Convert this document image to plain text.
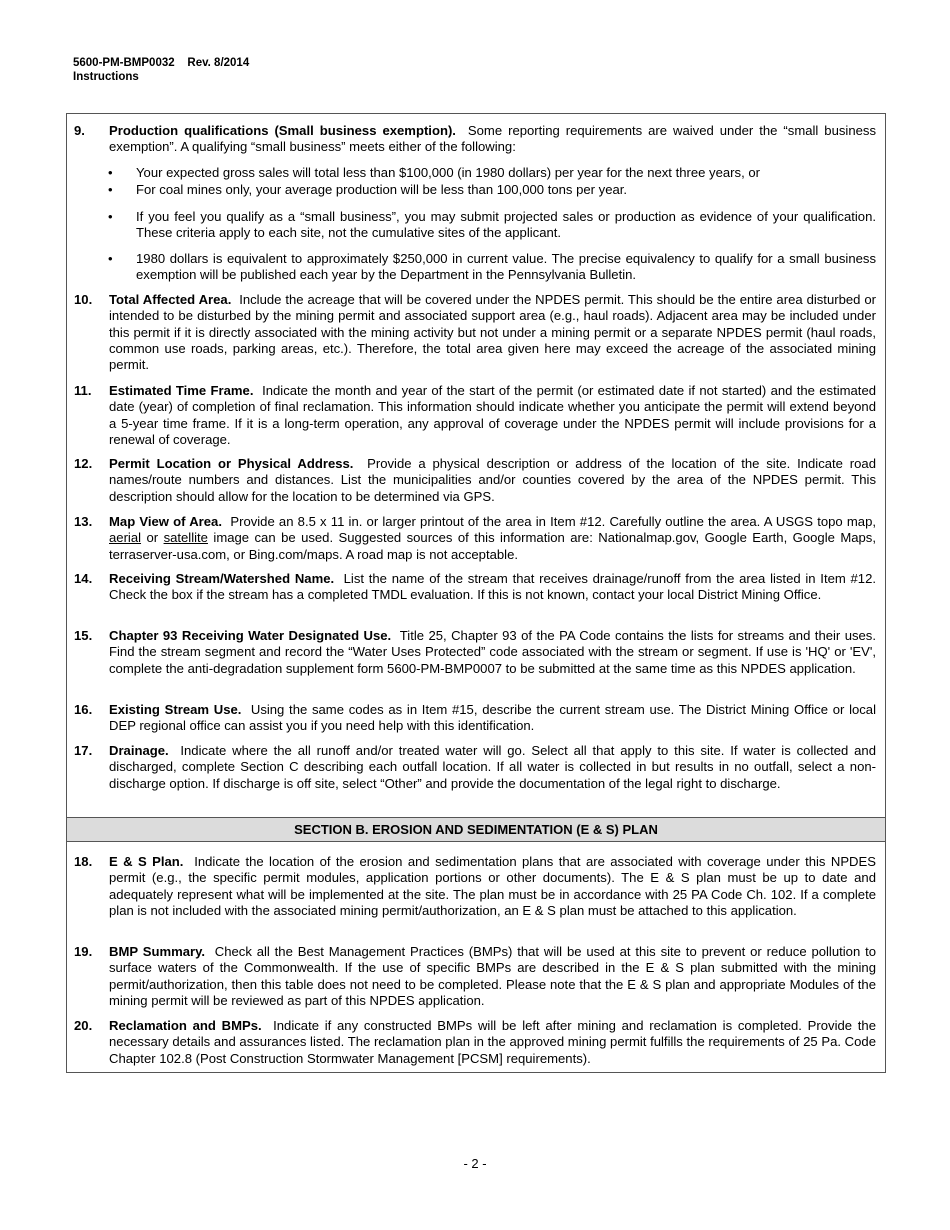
5600-PM-BMP0032 Rev. 8/2014
Instructions
9. Production qualifications (Small business exemption). Some reporting requirements are waived under the “small business exemption”. A qualifying “small business” meets either of the following:
• Your expected gross sales will total less than $100,000 (in 1980 dollars) per year for the next three years, or
• For coal mines only, your average production will be less than 100,000 tons per year.
• If you feel you qualify as a “small business”, you may submit projected sales or production as evidence of your qualification. These criteria apply to each site, not the cumulative sites of the applicant.
• 1980 dollars is equivalent to approximately $250,000 in current value. The precise equivalency to qualify for a small business exemption will be published each year by the Department in the Pennsylvania Bulletin.
10. Total Affected Area. Include the acreage that will be covered under the NPDES permit. This should be the entire area disturbed or intended to be disturbed by the mining permit and associated support area (e.g., haul roads). Adjacent area may be included under this permit if it is directly associated with the mining activity but not under a mining permit or a separate NPDES permit (haul roads, common use roads, parking areas, etc.). Therefore, the total area given here may exceed the acreage of the associated mining permit.
11. Estimated Time Frame. Indicate the month and year of the start of the permit (or estimated date if not started) and the estimated date (year) of completion of final reclamation. This information should indicate whether you anticipate the permit will extend beyond a 5-year time frame. If it is a long-term operation, any approval of coverage under the NPDES permit will include provisions for a renewal of coverage.
12. Permit Location or Physical Address. Provide a physical description or address of the location of the site. Indicate road names/route numbers and distances. List the municipalities and/or counties covered by the area of the NPDES permit. This description should allow for the location to be determined via GPS.
13. Map View of Area. Provide an 8.5 x 11 in. or larger printout of the area in Item #12. Carefully outline the area. A USGS topo map, aerial or satellite image can be used. Suggested sources of this information are: Nationalmap.gov, Google Earth, Google Maps, terraserver-usa.com, or Bing.com/maps. A road map is not acceptable.
14. Receiving Stream/Watershed Name. List the name of the stream that receives drainage/runoff from the area listed in Item #12. Check the box if the stream has a completed TMDL evaluation. If this is not known, contact your local District Mining Office.
15. Chapter 93 Receiving Water Designated Use. Title 25, Chapter 93 of the PA Code contains the lists for streams and their uses. Find the stream segment and record the “Water Uses Protected” code associated with the stream or segment. If use is 'HQ' or 'EV', complete the anti-degradation supplement form 5600-PM-BMP0007 to be submitted at the same time as this NPDES application.
16. Existing Stream Use. Using the same codes as in Item #15, describe the current stream use. The District Mining Office or local DEP regional office can assist you if you need help with this identification.
17. Drainage. Indicate where the all runoff and/or treated water will go. Select all that apply to this site. If water is collected and discharged, complete Section C describing each outfall location. If all water is collected in but results in no outfall, select a non-discharge option. If discharge is off site, select “Other” and provide the documentation of the legal right to discharge.
SECTION B. EROSION AND SEDIMENTATION (E & S) PLAN
18. E & S Plan. Indicate the location of the erosion and sedimentation plans that are associated with coverage under this NPDES permit (e.g., the specific permit modules, application portions or other documents). The E & S plan must be up to date and adequately represent what will be implemented at the site. The plan must be in accordance with 25 PA Code Ch. 102. If a complete plan is not included with the associated mining permit/authorization, an E & S plan must be attached to this application.
19. BMP Summary. Check all the Best Management Practices (BMPs) that will be used at this site to prevent or reduce pollution to surface waters of the Commonwealth. If the use of specific BMPs are described in the E & S plan submitted with the mining permit/authorization, then this table does not need to be completed. Please note that the E & S plan and appropriate Modules of the mining permit will be reviewed as part of this NPDES application.
20. Reclamation and BMPs. Indicate if any constructed BMPs will be left after mining and reclamation is completed. Provide the necessary details and assurances listed. The reclamation plan in the approved mining permit fulfills the requirements of 25 Pa. Code Chapter 102.8 (Post Construction Stormwater Management [PCSM] requirements).
- 2 -
